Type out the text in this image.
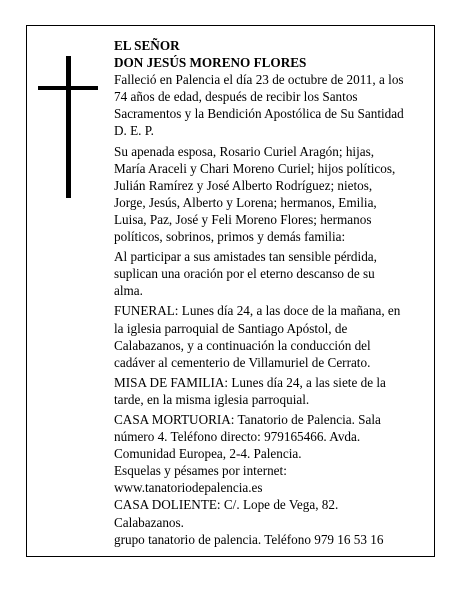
EL SEÑOR

DON JESÚS MORENO FLORES

Falleció en Palencia el día 23 de octubre de 2011, a los 74 años de edad, después de recibir los Santos Sacramentos y la Bendición Apostólica de Su Santidad D. E. P.

Su apenada esposa, Rosario Curiel Aragón; hijas, María Araceli y Chari Moreno Curiel; hijos políticos, Julián Ramírez y José Alberto Rodríguez; nietos, Jorge, Jesús, Alberto y Lorena; hermanos, Emilia, Luisa, Paz, José y Feli Moreno Flores; hermanos políticos, sobrinos, primos y demás familia:

Al participar a sus amistades tan sensible pérdida, suplican una oración por el eterno descanso de su alma.

FUNERAL: Lunes día 24, a las doce de la mañana, en la iglesia parroquial de Santiago Apóstol, de Calabazanos, y a continuación la conducción del cadáver al cementerio de Villamuriel de Cerrato.

MISA DE FAMILIA: Lunes día 24, a las siete de la tarde, en la misma iglesia parroquial.

CASA MORTUORIA: Tanatorio de Palencia. Sala número 4. Teléfono directo: 979165466. Avda. Comunidad Europea, 2-4. Palencia.

Esquelas y pésames por internet: www.tanatoriodepalencia.es

CASA DOLIENTE: C/. Lope de Vega, 82. Calabazanos.

grupo tanatorio de palencia. Teléfono 979 16 53 16
